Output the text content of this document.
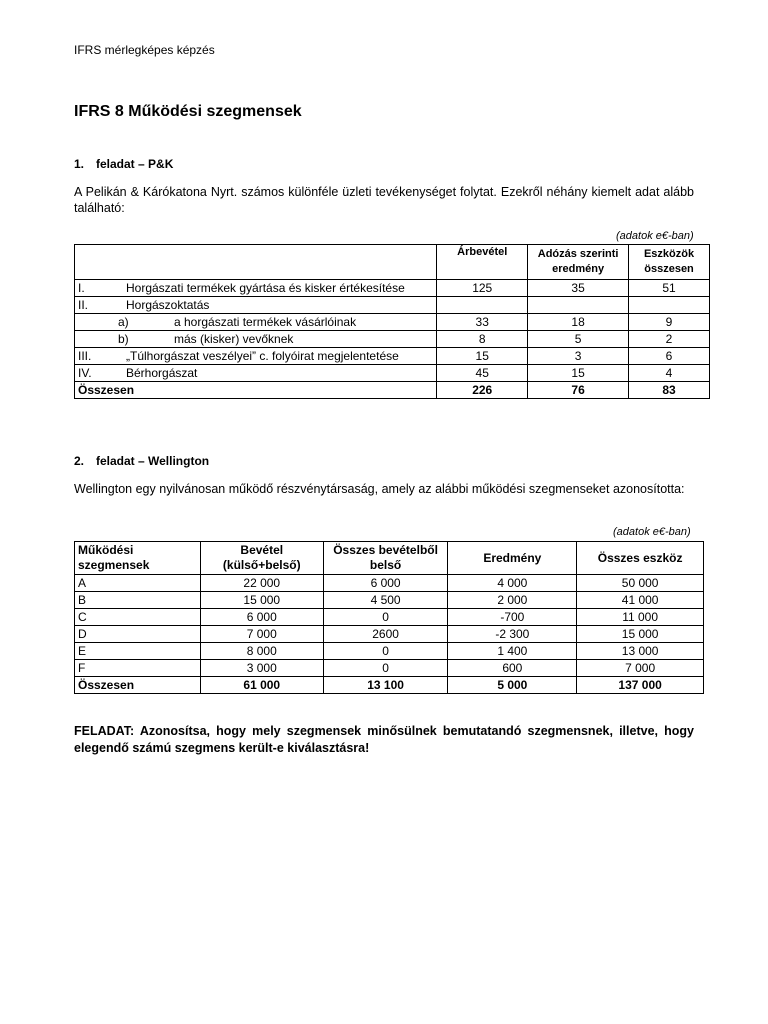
IFRS mérlegképes képzés
IFRS 8 Működési szegmensek
1. feladat – P&K
A Pelikán & Kárókatona Nyrt. számos különféle üzleti tevékenységet folytat. Ezekről néhány kiemelt adat alább található:
(adatok e€-ban)
	Árbevétel	Adózás szerinti eredmény	Eszközök összesen
I. Horgászati termékek gyártása és kisker értékesítése	125	35	51
II. Horgászoktatás			
a) a horgászati termékek vásárlóinak	33	18	9
b) más (kisker) vevőknek	8	5	2
III. „Túlhorgászat veszélyei” c. folyóirat megjelentetése	15	3	6
IV. Bérhorgászat	45	15	4
Összesen	226	76	83
2. feladat – Wellington
Wellington egy nyilvánosan működő részvénytársaság, amely az alábbi működési szegmenseket azonosította:
(adatok e€-ban)
Működési szegmensek	Bevétel (külső+belső)	Összes bevételből belső	Eredmény	Összes eszköz
A	22 000	6 000	4 000	50 000
B	15 000	4 500	2 000	41 000
C	6 000	0	-700	11 000
D	7 000	2600	-2 300	15 000
E	8 000	0	1 400	13 000
F	3 000	0	600	7 000
Összesen	61 000	13 100	5 000	137 000
FELADAT: Azonosítsa, hogy mely szegmensek minősülnek bemutatandó szegmensnek, illetve, hogy elegendő számú szegmens került-e kiválasztásra!
